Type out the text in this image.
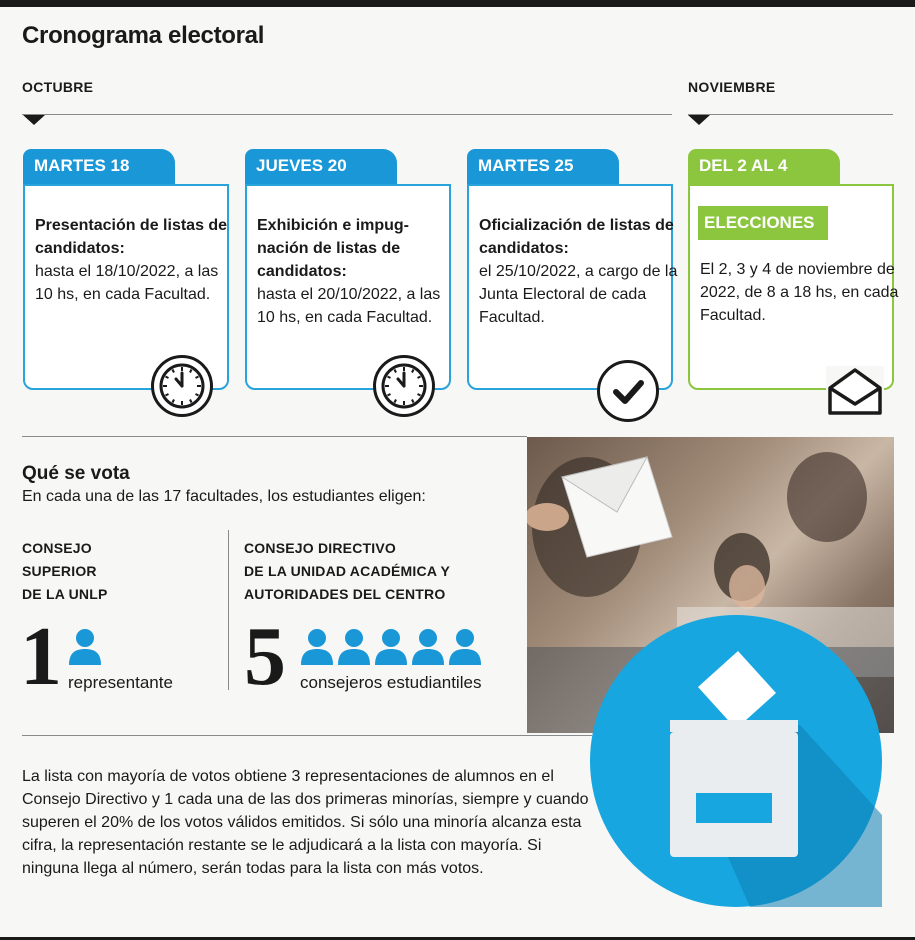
Cronograma electoral
OCTUBRE	NOVIEMBRE
MARTES 18
Presentación de listas de candidatos:
hasta el 18/10/2022, a las 10 hs, en cada Facultad.
JUEVES 20
Exhibición e impug-nación de listas de candidatos:
hasta el 20/10/2022, a las 10 hs, en cada Facultad.
MARTES 25
Oficialización de listas de candidatos:
el 25/10/2022, a cargo de la Junta Electoral de cada Facultad.
DEL 2 AL 4
ELECCIONES
El 2, 3 y 4 de noviembre de 2022, de 8 a 18 hs, en cada Facultad.
Qué se vota
En cada una de las 17 facultades, los estudiantes eligen:
CONSEJO
SUPERIOR
DE LA UNLP
CONSEJO DIRECTIVO
DE LA UNIDAD ACADÉMICA Y
AUTORIDADES DEL CENTRO
1 representante 5 consejeros estudiantiles
La lista con mayoría de votos obtiene 3 representaciones de alumnos en el Consejo Directivo y 1 cada una de las dos primeras minorías, siempre y cuando superen el 20% de los votos válidos emitidos. Si sólo una minoría alcanza esta cifra, la representación restante se le adjudicará a la lista con mayoría. Si ninguna llega al número, serán todas para la lista con más votos.
